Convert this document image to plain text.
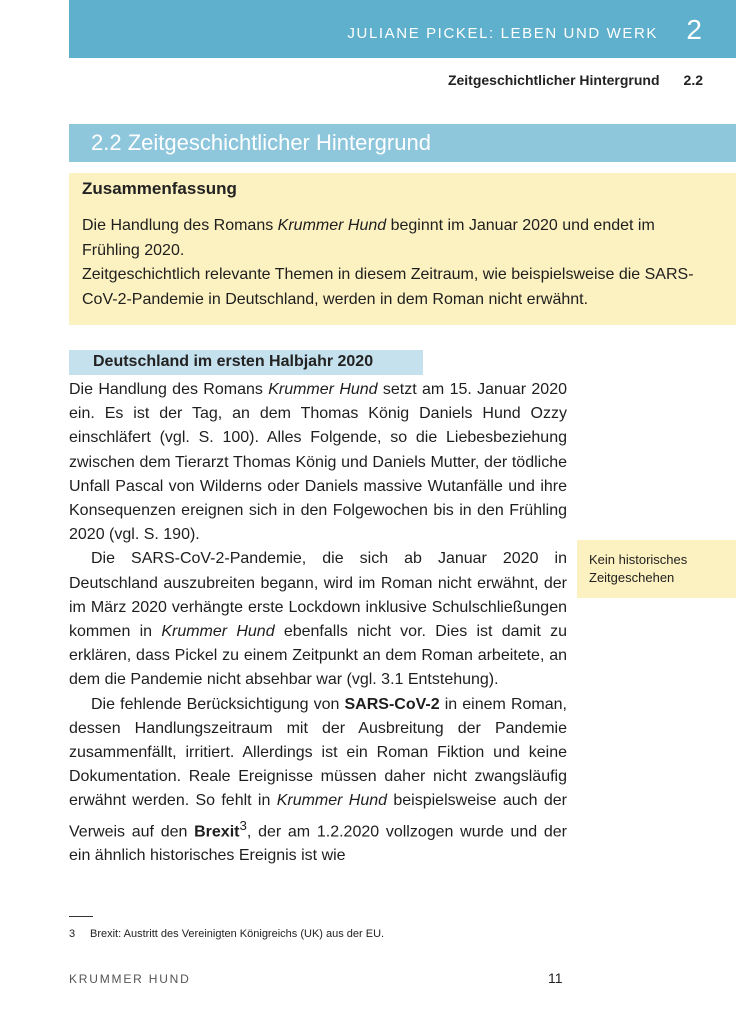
JULIANE PICKEL: LEBEN UND WERK 2
Zeitgeschichtlicher Hintergrund 2.2
2.2 Zeitgeschichtlicher Hintergrund
Zusammenfassung
Die Handlung des Romans Krummer Hund beginnt im Januar 2020 und endet im Frühling 2020.
Zeitgeschichtlich relevante Themen in diesem Zeitraum, wie beispielsweise die SARS-CoV-2-Pandemie in Deutschland, werden in dem Roman nicht erwähnt.
Deutschland im ersten Halbjahr 2020

Die Handlung des Romans Krummer Hund setzt am 15. Januar 2020 ein. Es ist der Tag, an dem Thomas König Daniels Hund Ozzy einschläfert (vgl. S. 100). Alles Folgende, so die Liebesbeziehung zwischen dem Tierarzt Thomas König und Daniels Mutter, der tödliche Unfall Pascal von Wilderns oder Daniels massive Wutanfälle und ihre Konsequenzen ereignen sich in den Folgewochen bis in den Frühling 2020 (vgl. S. 190).

Die SARS-CoV-2-Pandemie, die sich ab Januar 2020 in Deutschland auszubreiten begann, wird im Roman nicht erwähnt, der im März 2020 verhängte erste Lockdown inklusive Schulschließungen kommen in Krummer Hund ebenfalls nicht vor. Dies ist damit zu erklären, dass Pickel zu einem Zeitpunkt an dem Roman arbeitete, an dem die Pandemie nicht absehbar war (vgl. 3.1 Entstehung).

Die fehlende Berücksichtigung von SARS-CoV-2 in einem Roman, dessen Handlungszeitraum mit der Ausbreitung der Pandemie zusammenfällt, irritiert. Allerdings ist ein Roman Fiktion und keine Dokumentation. Reale Ereignisse müssen daher nicht zwangsläufig erwähnt werden. So fehlt in Krummer Hund beispielsweise auch der Verweis auf den Brexit$^3$, der am 1.2.2020 vollzogen wurde und der ein ähnlich historisches Ereignis ist wie

Kein historisches Zeitgeschehen
3 Brexit: Austritt des Vereinigten Königreichs (UK) aus der EU.
KRUMMER HUND	11
